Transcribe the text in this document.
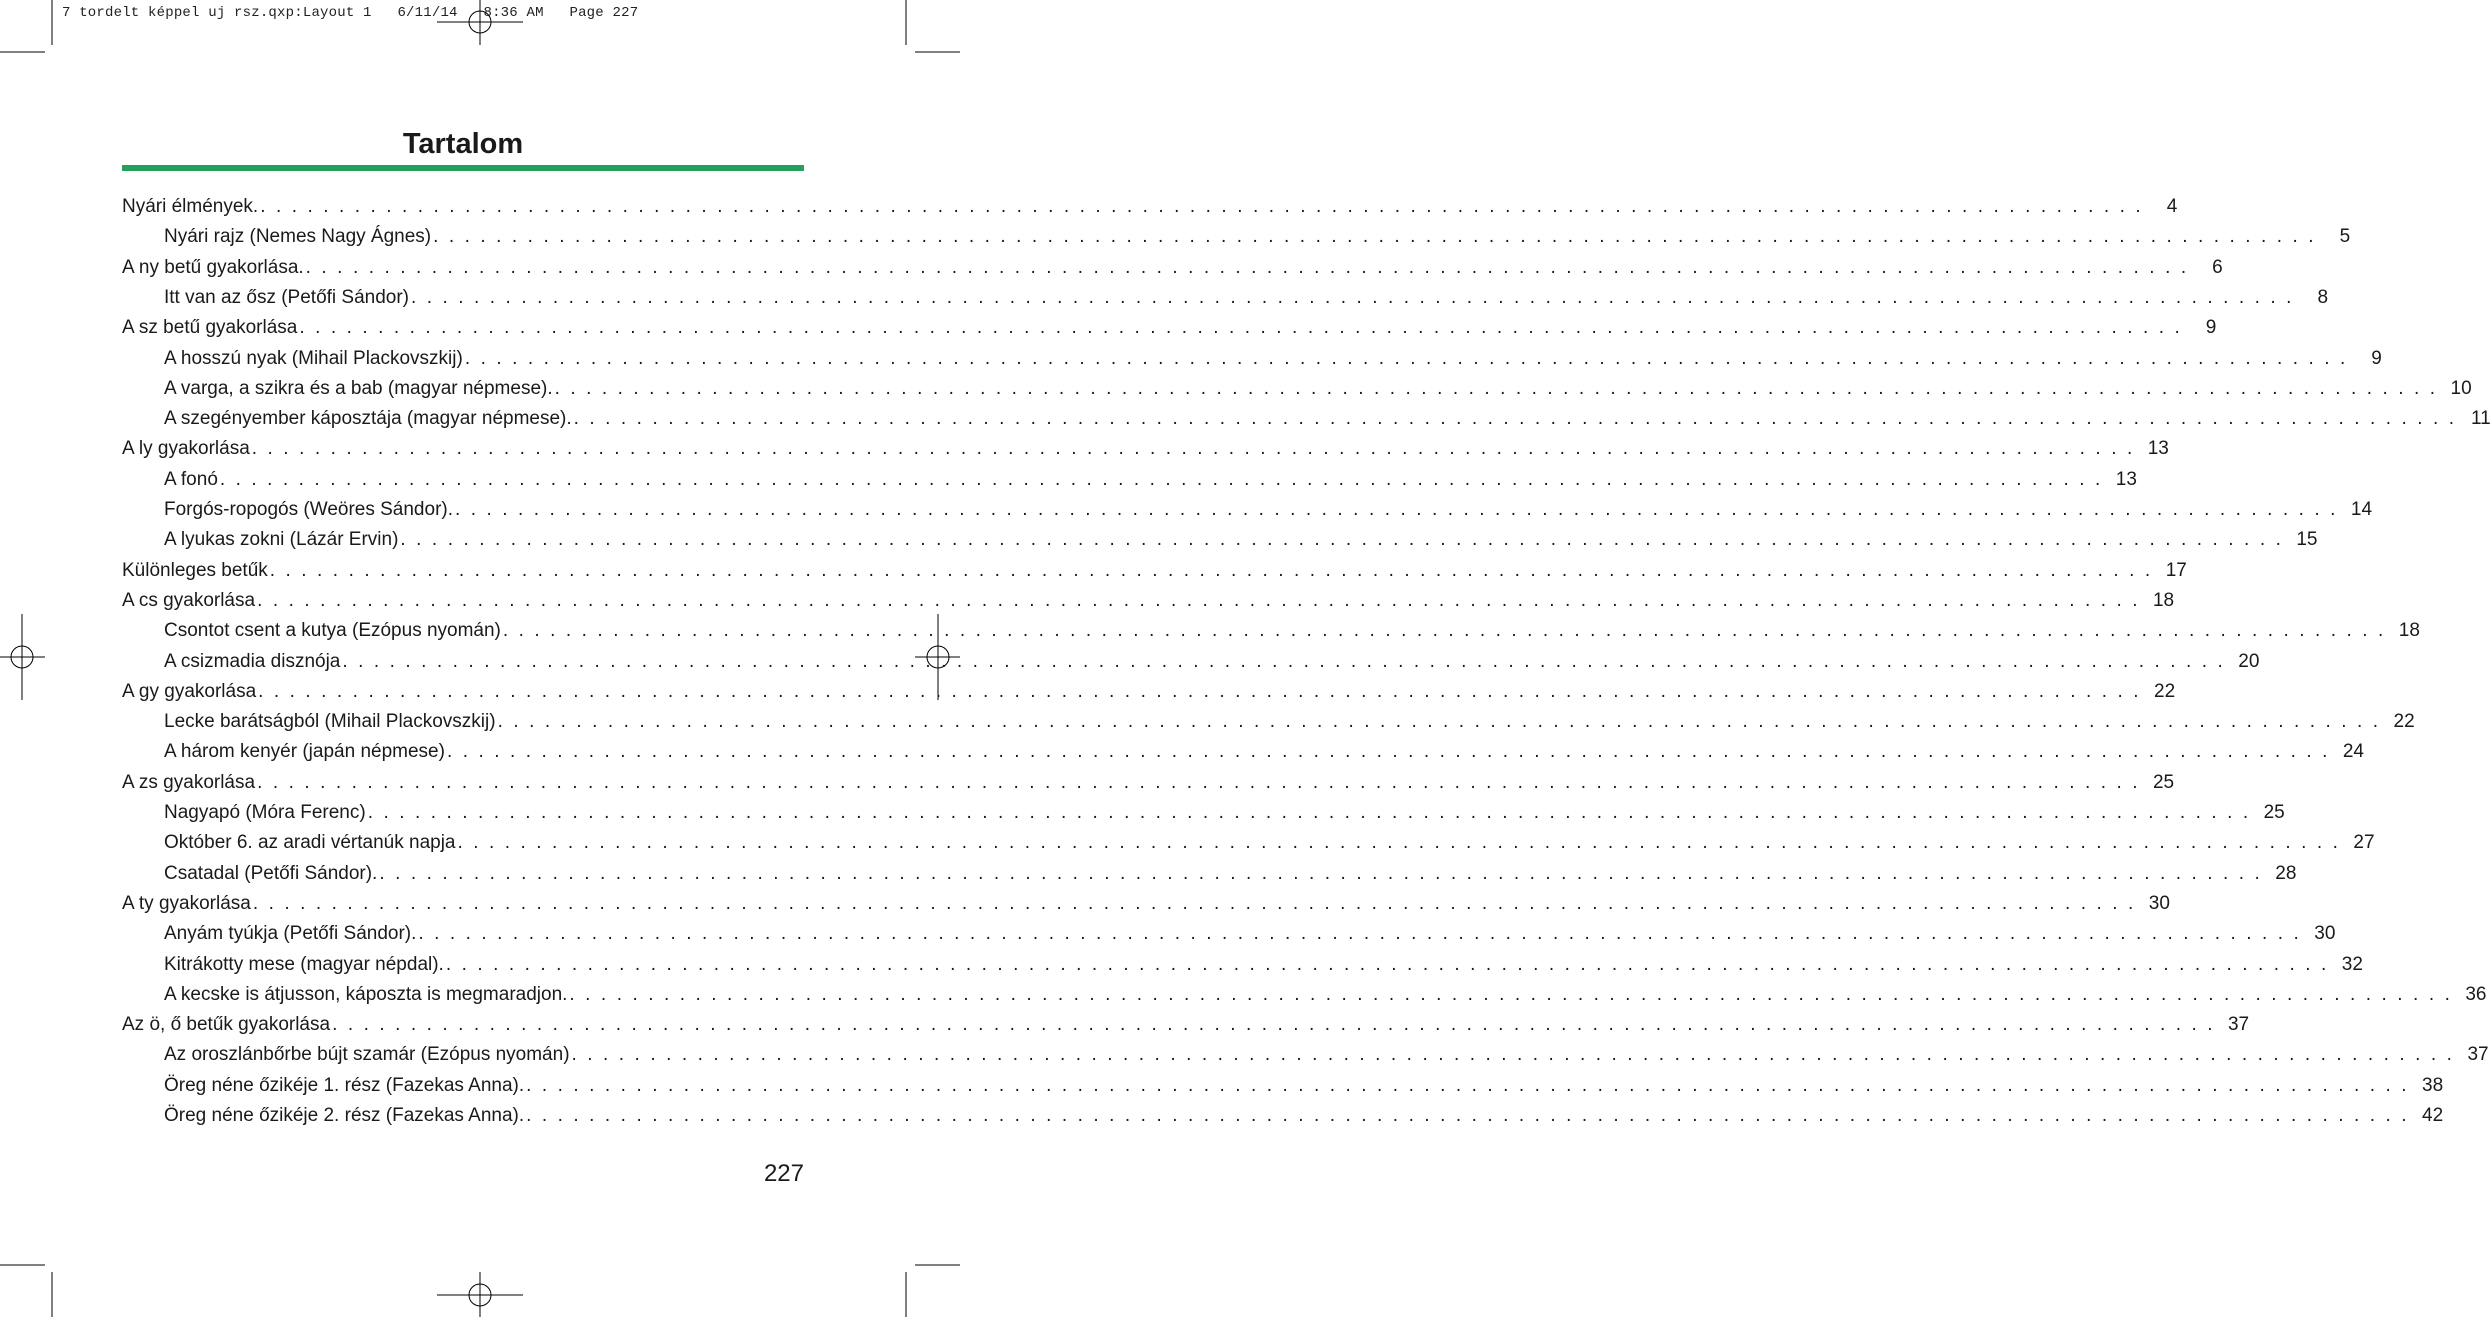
7 tordelt képpel uj rsz.qxp:Layout 1   6/11/14   8:36 AM   Page 227
Tartalom
Nyári élmények. . . . . . . . . . . . . . . . . . . . . . . . . . . . . . . . . . . . . . . . . . . . . . . . . . . . . . . . . . . . . . . . . . . . . . . . . . . . . . . . . . . . . . . . . . . . . . . . . . . . . . . . . . . . . . . . . . . . . . . . .	4
Nyári rajz (Nemes Nagy Ágnes) . . . . . . . . . . . . . . . . . . . . . . . . . . . . . . . . . . . . . . . . . . . . . . . . . . . . . . . . . . . . . . . . . . . . . . . . . . . . . . . . . . . . . . . . . . . . . . . . . . . . . . . . . . . . . . . . . . . . . . . .	5
A ny betű gyakorlása. . . . . . . . . . . . . . . . . . . . . . . . . . . . . . . . . . . . . . . . . . . . . . . . . . . . . . . . . . . . . . . . . . . . . . . . . . . . . . . . . . . . . . . . . . . . . . . . . . . . . . . . . . . . . . . . . . . . . . . . .	6
Itt van az ősz (Petőfi Sándor) . . . . . . . . . . . . . . . . . . . . . . . . . . . . . . . . . . . . . . . . . . . . . . . . . . . . . . . . . . . . . . . . . . . . . . . . . . . . . . . . . . . . . . . . . . . . . . . . . . . . . . . . . . . . . . . . . . . . . . . .	8
A sz betű gyakorlása . . . . . . . . . . . . . . . . . . . . . . . . . . . . . . . . . . . . . . . . . . . . . . . . . . . . . . . . . . . . . . . . . . . . . . . . . . . . . . . . . . . . . . . . . . . . . . . . . . . . . . . . . . . . . . . . . . . . . . . .	9
A hosszú nyak (Mihail Plackovszkij) . . . . . . . . . . . . . . . . . . . . . . . . . . . . . . . . . . . . . . . . . . . . . . . . . . . . . . . . . . . . . . . . . . . . . . . . . . . . . . . . . . . . . . . . . . . . . . . . . . . . . . . . . . . . . . . . . . . . . . . .	9
A varga, a szikra és a bab (magyar népmese). . . . . . . . . . . . . . . . . . . . . . . . . . . . . . . . . . . . . . . . . . . . . . . . . . . . . . . . . . . . . . . . . . . . . . . . . . . . . . . . . . . . . . . . . . . . . . . . . . . . . . . . . . . . . . . . . . . . . . . . . 10
A szegényember káposztája (magyar népmese). . . . . . . . . . . . . . . . . . . . . . . . . . . . . . . . . . . . . . . . . . . . . . . . . . . . . . . . . . . . . . . . . . . . . . . . . . . . . . . . . . . . . . . . . . . . . . . . . . . . . . . . . . . . . . . . . . . . . . . . . 11
A ly gyakorlása . . . . . . . . . . . . . . . . . . . . . . . . . . . . . . . . . . . . . . . . . . . . . . . . . . . . . . . . . . . . . . . . . . . . . . . . . . . . . . . . . . . . . . . . . . . . . . . . . . . . . . . . . . . . . . . . . . . . . . . . 13
A fonó . . . . . . . . . . . . . . . . . . . . . . . . . . . . . . . . . . . . . . . . . . . . . . . . . . . . . . . . . . . . . . . . . . . . . . . . . . . . . . . . . . . . . . . . . . . . . . . . . . . . . . . . . . . . . . . . . . . . . . . . 13
Forgós-ropogós (Weöres Sándor). . . . . . . . . . . . . . . . . . . . . . . . . . . . . . . . . . . . . . . . . . . . . . . . . . . . . . . . . . . . . . . . . . . . . . . . . . . . . . . . . . . . . . . . . . . . . . . . . . . . . . . . . . . . . . . . . . . . . . . . . 14
A lyukas zokni (Lázár Ervin) . . . . . . . . . . . . . . . . . . . . . . . . . . . . . . . . . . . . . . . . . . . . . . . . . . . . . . . . . . . . . . . . . . . . . . . . . . . . . . . . . . . . . . . . . . . . . . . . . . . . . . . . . . . . . . . . . . . . . . . . 15
Különleges betűk . . . . . . . . . . . . . . . . . . . . . . . . . . . . . . . . . . . . . . . . . . . . . . . . . . . . . . . . . . . . . . . . . . . . . . . . . . . . . . . . . . . . . . . . . . . . . . . . . . . . . . . . . . . . . . . . . . . . . . . . 17
A cs gyakorlása . . . . . . . . . . . . . . . . . . . . . . . . . . . . . . . . . . . . . . . . . . . . . . . . . . . . . . . . . . . . . . . . . . . . . . . . . . . . . . . . . . . . . . . . . . . . . . . . . . . . . . . . . . . . . . . . . . . . . . . . 18
Csontot csent a kutya (Ezópus nyomán) . . . . . . . . . . . . . . . . . . . . . . . . . . . . . . . . . . . . . . . . . . . . . . . . . . . . . . . . . . . . . . . . . . . . . . . . . . . . . . . . . . . . . . . . . . . . . . . . . . . . . . . . . . . . . . . . . . . . . . . . 18
A csizmadia disznója . . . . . . . . . . . . . . . . . . . . . . . . . . . . . . . . . . . . . . . . . . . . . . . . . . . . . . . . . . . . . . . . . . . . . . . . . . . . . . . . . . . . . . . . . . . . . . . . . . . . . . . . . . . . . . . . . . . . . . . . 20
A gy gyakorlása . . . . . . . . . . . . . . . . . . . . . . . . . . . . . . . . . . . . . . . . . . . . . . . . . . . . . . . . . . . . . . . . . . . . . . . . . . . . . . . . . . . . . . . . . . . . . . . . . . . . . . . . . . . . . . . . . . . . . . . . 22
Lecke barátságból (Mihail Plackovszkij) . . . . . . . . . . . . . . . . . . . . . . . . . . . . . . . . . . . . . . . . . . . . . . . . . . . . . . . . . . . . . . . . . . . . . . . . . . . . . . . . . . . . . . . . . . . . . . . . . . . . . . . . . . . . . . . . . . . . . . . . 22
A három kenyér (japán népmese) . . . . . . . . . . . . . . . . . . . . . . . . . . . . . . . . . . . . . . . . . . . . . . . . . . . . . . . . . . . . . . . . . . . . . . . . . . . . . . . . . . . . . . . . . . . . . . . . . . . . . . . . . . . . . . . . . . . . . . . . 24
A zs gyakorlása . . . . . . . . . . . . . . . . . . . . . . . . . . . . . . . . . . . . . . . . . . . . . . . . . . . . . . . . . . . . . . . . . . . . . . . . . . . . . . . . . . . . . . . . . . . . . . . . . . . . . . . . . . . . . . . . . . . . . . . . 25
Nagyapó (Móra Ferenc) . . . . . . . . . . . . . . . . . . . . . . . . . . . . . . . . . . . . . . . . . . . . . . . . . . . . . . . . . . . . . . . . . . . . . . . . . . . . . . . . . . . . . . . . . . . . . . . . . . . . . . . . . . . . . . . . . . . . . . . . 25
Október 6. az aradi vértanúk napja . . . . . . . . . . . . . . . . . . . . . . . . . . . . . . . . . . . . . . . . . . . . . . . . . . . . . . . . . . . . . . . . . . . . . . . . . . . . . . . . . . . . . . . . . . . . . . . . . . . . . . . . . . . . . . . . . . . . . . . . 27
Csatadal (Petőfi Sándor). . . . . . . . . . . . . . . . . . . . . . . . . . . . . . . . . . . . . . . . . . . . . . . . . . . . . . . . . . . . . . . . . . . . . . . . . . . . . . . . . . . . . . . . . . . . . . . . . . . . . . . . . . . . . . . . . . . . . . . . . 28
A ty gyakorlása . . . . . . . . . . . . . . . . . . . . . . . . . . . . . . . . . . . . . . . . . . . . . . . . . . . . . . . . . . . . . . . . . . . . . . . . . . . . . . . . . . . . . . . . . . . . . . . . . . . . . . . . . . . . . . . . . . . . . . . . 30
Anyám tyúkja (Petőfi Sándor). . . . . . . . . . . . . . . . . . . . . . . . . . . . . . . . . . . . . . . . . . . . . . . . . . . . . . . . . . . . . . . . . . . . . . . . . . . . . . . . . . . . . . . . . . . . . . . . . . . . . . . . . . . . . . . . . . . . . . . . . 30
Kitrákotty mese (magyar népdal). . . . . . . . . . . . . . . . . . . . . . . . . . . . . . . . . . . . . . . . . . . . . . . . . . . . . . . . . . . . . . . . . . . . . . . . . . . . . . . . . . . . . . . . . . . . . . . . . . . . . . . . . . . . . . . . . . . . . . . . . 32
A kecske is átjusson, káposzta is megmaradjon. . . . . . . . . . . . . . . . . . . . . . . . . . . . . . . . . . . . . . . . . . . . . . . . . . . . . . . . . . . . . . . . . . . . . . . . . . . . . . . . . . . . . . . . . . . . . . . . . . . . . . . . . . . . . . . . . . . . . . . . . 36
Az ö, ő betűk gyakorlása . . . . . . . . . . . . . . . . . . . . . . . . . . . . . . . . . . . . . . . . . . . . . . . . . . . . . . . . . . . . . . . . . . . . . . . . . . . . . . . . . . . . . . . . . . . . . . . . . . . . . . . . . . . . . . . . . . . . . . . . 37
Az oroszlánbőrbe bújt szamár (Ezópus nyomán) . . . . . . . . . . . . . . . . . . . . . . . . . . . . . . . . . . . . . . . . . . . . . . . . . . . . . . . . . . . . . . . . . . . . . . . . . . . . . . . . . . . . . . . . . . . . . . . . . . . . . . . . . . . . . . . . . . . . . . . . 37
Öreg néne őzikéje 1. rész (Fazekas Anna). . . . . . . . . . . . . . . . . . . . . . . . . . . . . . . . . . . . . . . . . . . . . . . . . . . . . . . . . . . . . . . . . . . . . . . . . . . . . . . . . . . . . . . . . . . . . . . . . . . . . . . . . . . . . . . . . . . . . . . . . 38
Öreg néne őzikéje 2. rész (Fazekas Anna). . . . . . . . . . . . . . . . . . . . . . . . . . . . . . . . . . . . . . . . . . . . . . . . . . . . . . . . . . . . . . . . . . . . . . . . . . . . . . . . . . . . . . . . . . . . . . . . . . . . . . . . . . . . . . . . . . . . . . . . . 42
227
